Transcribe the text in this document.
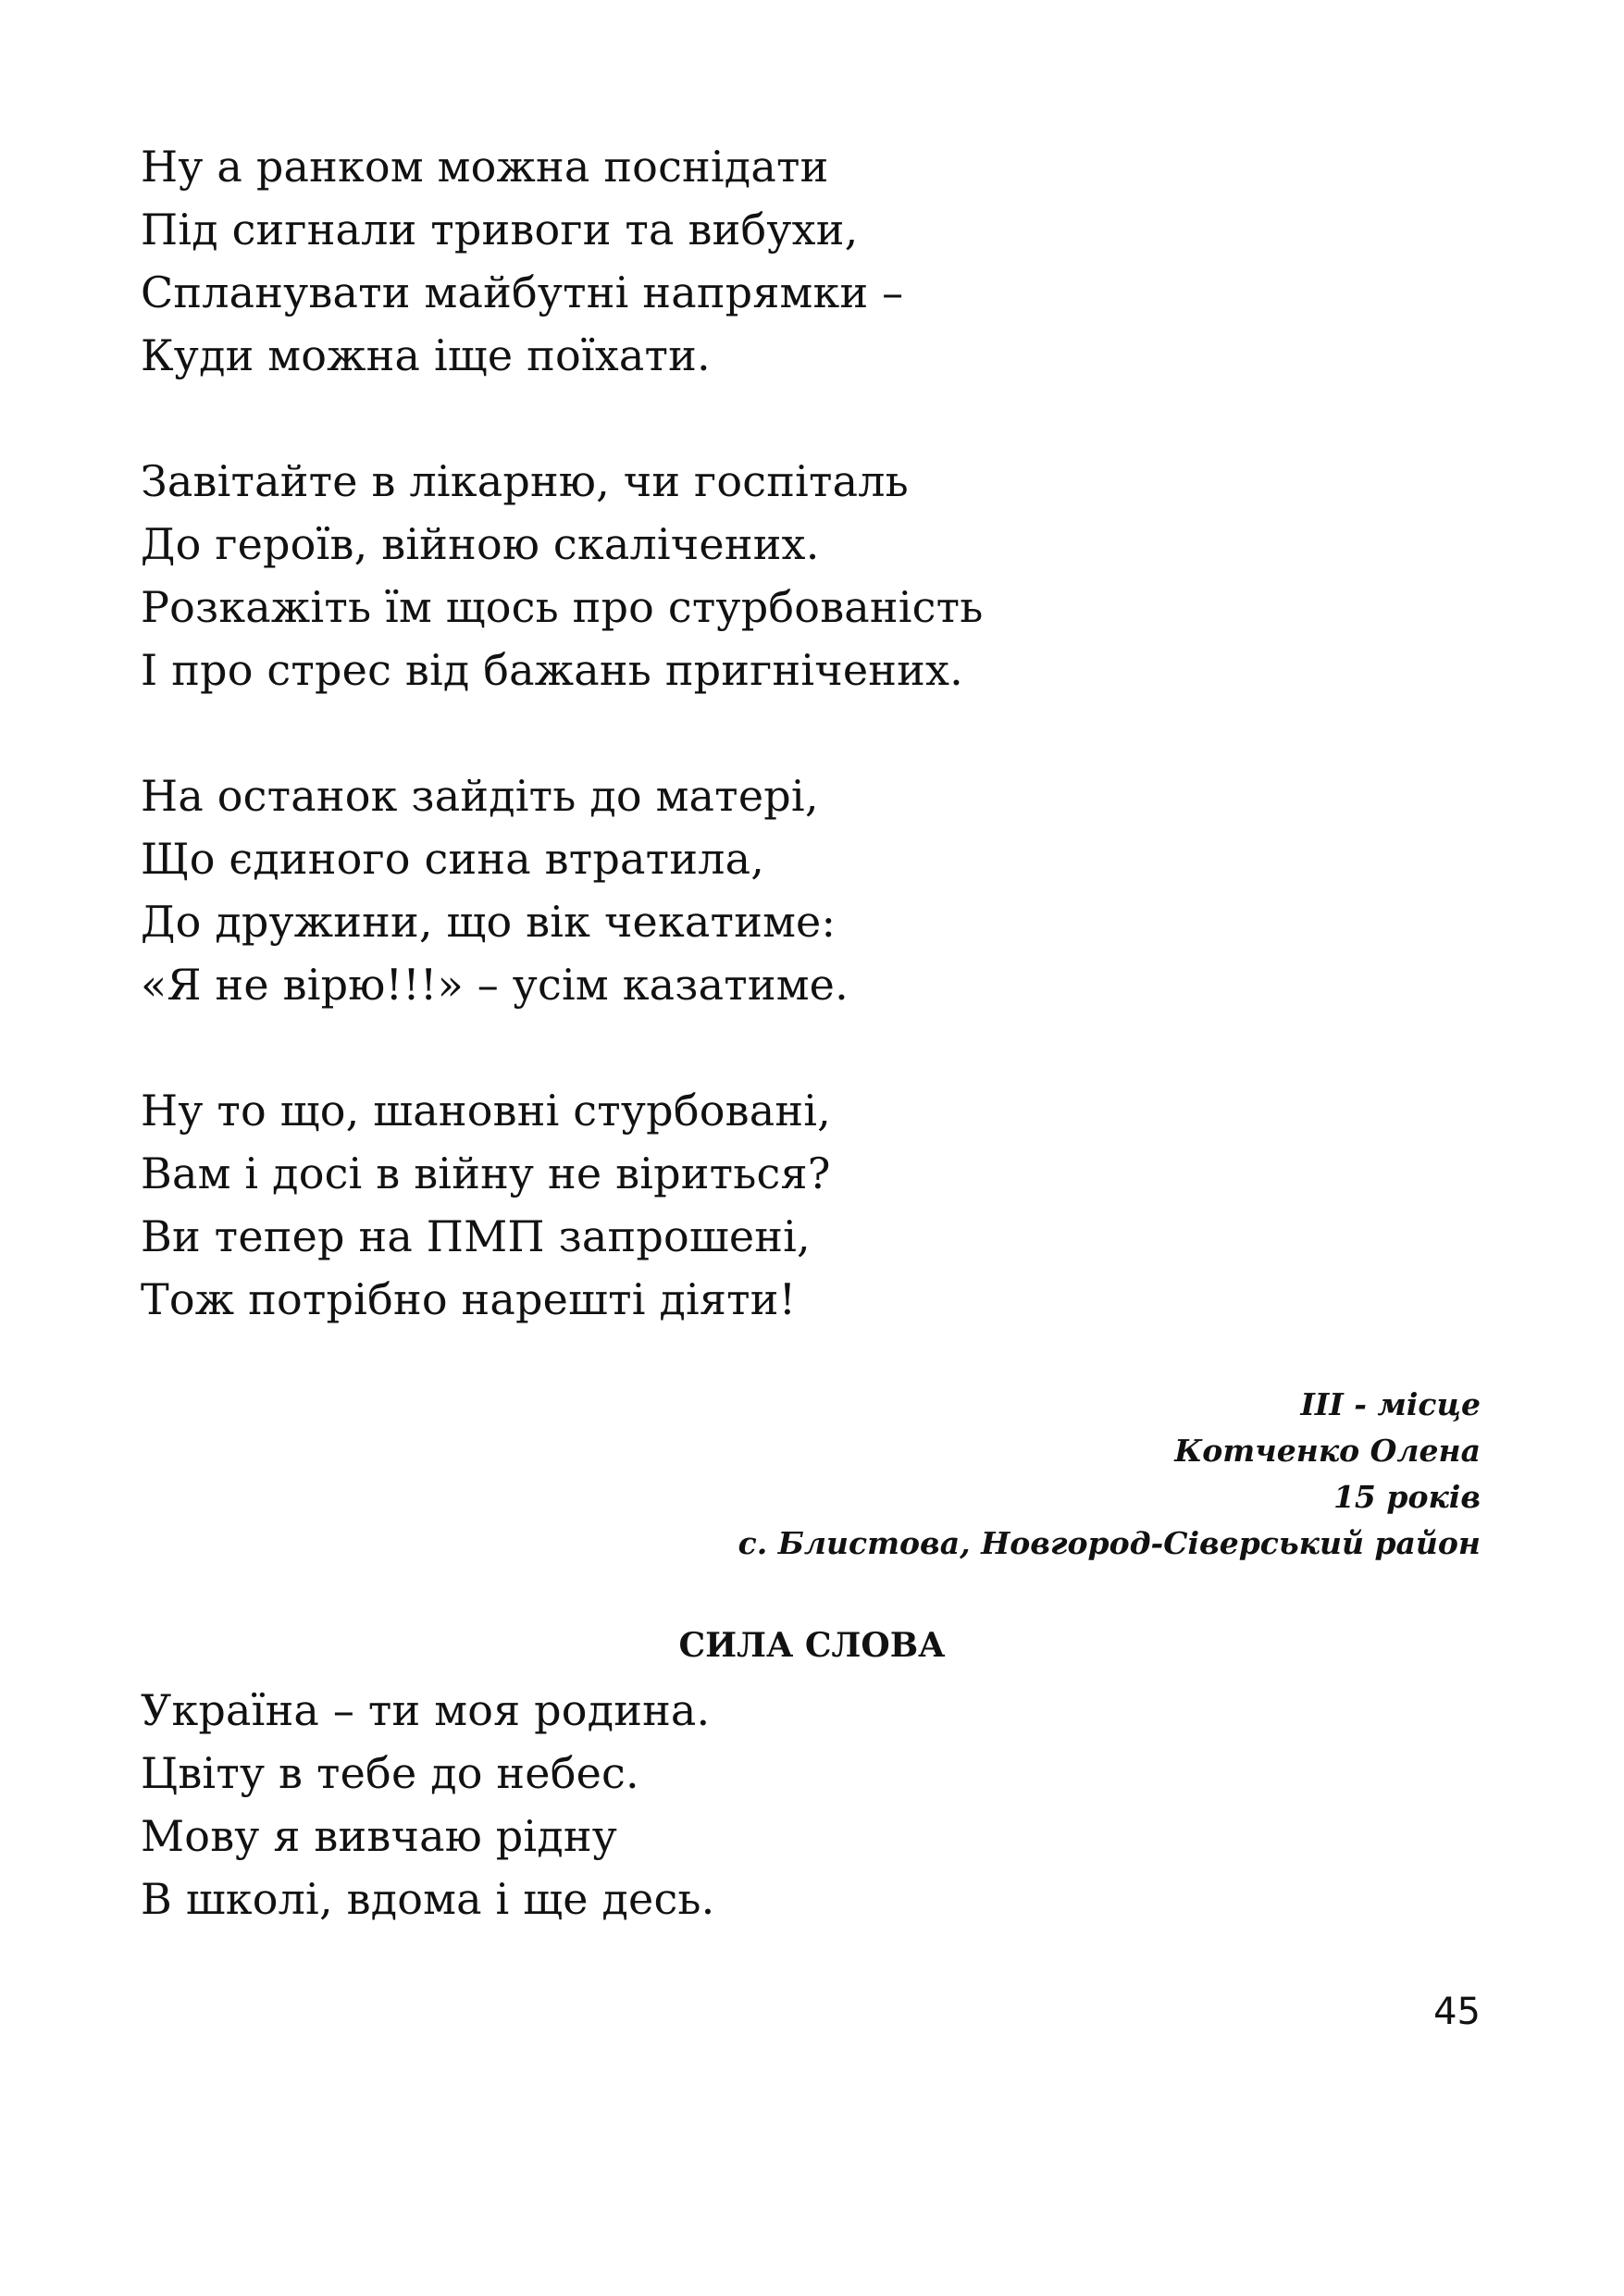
Ну а ранком можна поснідати
Під сигнали тривоги та вибухи,
Спланувати майбутні напрямки –
Куди можна іще поїхати.
Завітайте в лікарню, чи госпіталь
До героїв, війною скалічених.
Розкажіть їм щось про стурбованість
І про стрес від бажань пригнічених.
На останок зайдіть до матері,
Що єдиного сина втратила,
До дружини, що вік чекатиме:
«Я не вірю!!!» – усім казатиме.
Ну то що, шановні стурбовані,
Вам і досі в війну не віриться?
Ви тепер на ПМП запрошені,
Тож потрібно нарешті діяти!
ІІІ - місце
Котченко Олена
15 років
с. Блистова, Новгород-Сіверський район
СИЛА СЛОВА
Україна – ти моя родина.
Цвіту в тебе до небес.
Мову я вивчаю рідну
В школі, вдома і ще десь.
45
